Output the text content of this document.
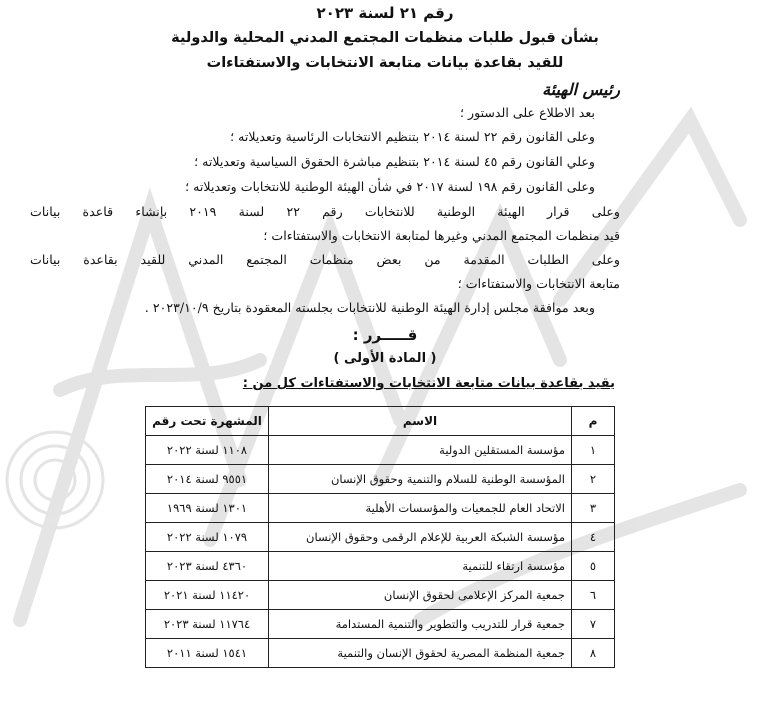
رقم ٢١ لسنة ٢٠٢٣
بشأن قبول طلبات منظمات المجتمع المدني المحلية والدولية
للقيد بقاعدة بيانات متابعة الانتخابات والاستفتاءات
رئيس الهيئة
بعد الاطلاع على الدستور ؛
وعلى القانون رقم ٢٢ لسنة ٢٠١٤ بتنظيم الانتخابات الرئاسية وتعديلاته ؛
وعلي القانون رقم ٤٥ لسنة ٢٠١٤ بتنظيم مباشرة الحقوق السياسية وتعديلاته ؛
وعلى القانون رقم ١٩٨ لسنة ٢٠١٧ في شأن الهيئة الوطنية للانتخابات وتعديلاته ؛
وعلى قرار الهيئة الوطنية للانتخابات رقم ٢٢ لسنة ٢٠١٩ بإنشاء قاعدة بيانات
قيد منظمات المجتمع المدني وغيرها لمتابعة الانتخابات والاستفتاءات ؛
وعلى الطلبات المقدمة من بعض منظمات المجتمع المدني للقيد بقاعدة بيانات
متابعة الانتخابات والاستفتاءات ؛
وبعد موافقة مجلس إدارة الهيئة الوطنية للانتخابات بجلسته المعقودة بتاريخ ٢٠٢٣/١٠/٩ .
قـــــرر :
( المادة الأولى )
يقيد بقاعدة بيانات متابعة الانتخابات والاستفتاءات كل من :
م	الاسم	المشهرة تحت رقم
١	مؤسسة المستقلين الدولية	١١٠٨ لسنة ٢٠٢٢
٢	المؤسسة الوطنية للسلام والتنمية وحقوق الإنسان	٩٥٥١ لسنة ٢٠١٤
٣	الاتحاد العام للجمعيات والمؤسسات الأهلية	١٣٠١ لسنة ١٩٦٩
٤	مؤسسة الشبكة العربية للإعلام الرقمى وحقوق الإنسان	١٠٧٩ لسنة ٢٠٢٢
٥	مؤسسة ارتقاء للتنمية	٤٣٦٠ لسنة ٢٠٢٣
٦	جمعية المركز الإعلامى لحقوق الإنسان	١١٤٢٠ لسنة ٢٠٢١
٧	جمعية قرار للتدريب والتطوير والتنمية المستدامة	١١٧٦٤ لسنة ٢٠٢٣
٨	جمعية المنظمة المصرية لحقوق الإنسان والتنمية	١٥٤١ لسنة ٢٠١١
